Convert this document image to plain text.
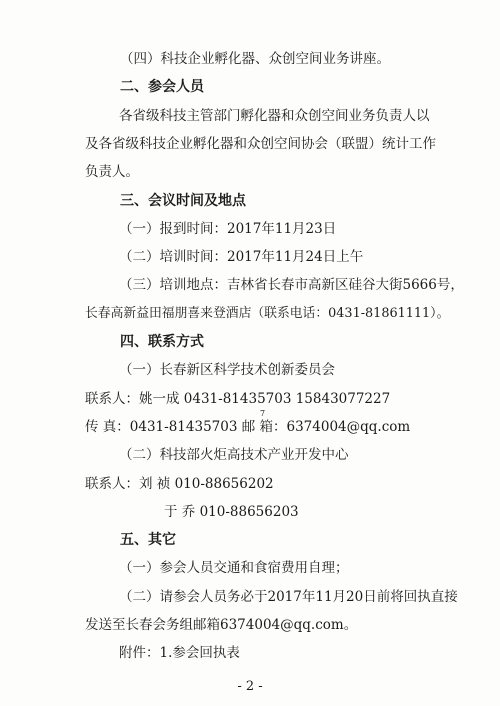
（四）科技企业孵化器、众创空间业务讲座。
二、参会人员
各省级科技主管部门孵化器和众创空间业务负责人以
及各省级科技企业孵化器和众创空间协会（联盟）统计工作
负责人。
三、会议时间及地点
（一）报到时间：2017年11月23日
（二）培训时间：2017年11月24日上午
（三）培训地点：吉林省长春市高新区硅谷大街5666号，
长春高新益田福朋喜来登酒店（联系电话：0431-81861111）。
四、联系方式
（一）长春新区科学技术创新委员会
联系人：姚一成 0431-81435703 15843077227
7
传 真：0431-81435703 邮 箱：6374004@qq.com
（二）科技部火炬高技术产业开发中心
联系人：刘 祯 010-88656202
于 乔 010-88656203
五、其它
（一）参会人员交通和食宿费用自理；
（二）请参会人员务必于2017年11月20日前将回执直接
发送至长春会务组邮箱6374004@qq.com。
附件：1.参会回执表
- 2 -
